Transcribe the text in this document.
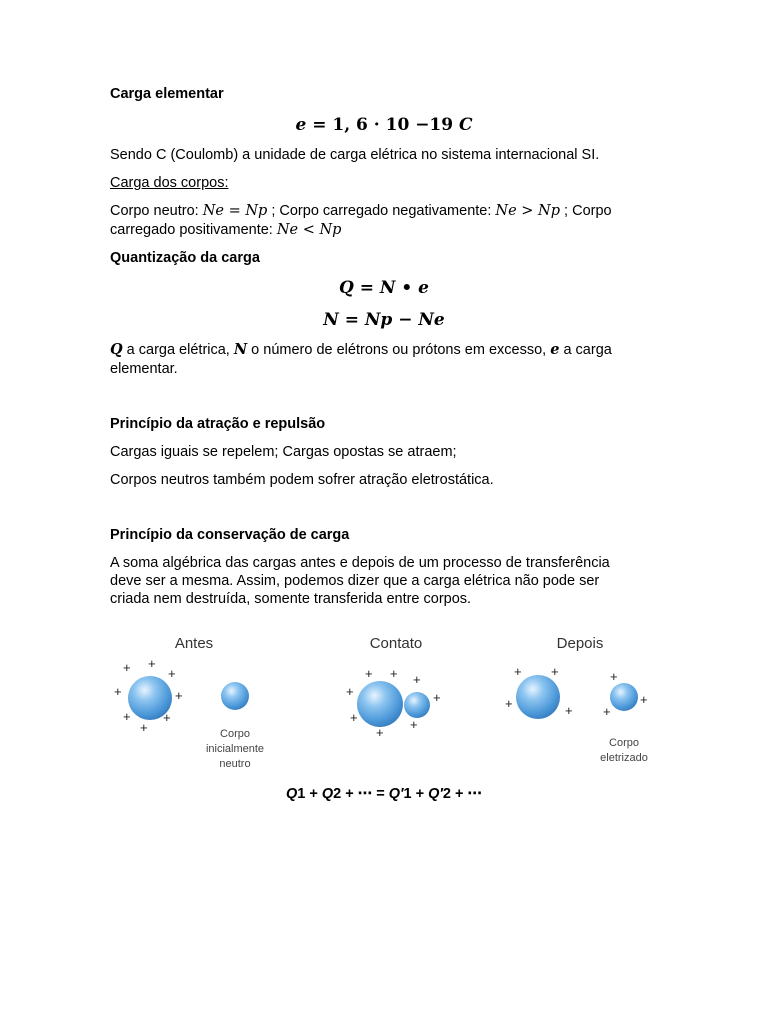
Carga elementar
e = 1, 6 · 10 −19 C
Sendo C (Coulomb) a unidade de carga elétrica no sistema internacional SI.
Carga dos corpos:
Corpo neutro: Ne = Np ; Corpo carregado negativamente: Ne > Np ; Corpo
carregado positivamente: Ne < Np
Quantização da carga
Q = N • e
N = Np − Ne
Q a carga elétrica, N o número de elétrons ou prótons em excesso, e a carga
elementar.
Princípio da atração e repulsão
Cargas iguais se repelem; Cargas opostas se atraem;
Corpos neutros também podem sofrer atração eletrostática.
Princípio da conservação de carga
A soma algébrica das cargas antes e depois de um processo de transferência
deve ser a mesma. Assim, podemos dizer que a carga elétrica não pode ser
criada nem destruída, somente transferida entre corpos.
Antes	Contato	Depois
+ +
+
+	+
+ +
+	Corpo
inicialmente
neutro
+ + +
+	+
+	+
+
+ +
+	+
+
+
+
Corpo
eletrizado
Q1 + Q2 + ⋯ = Q′1 + Q′2 + ⋯
